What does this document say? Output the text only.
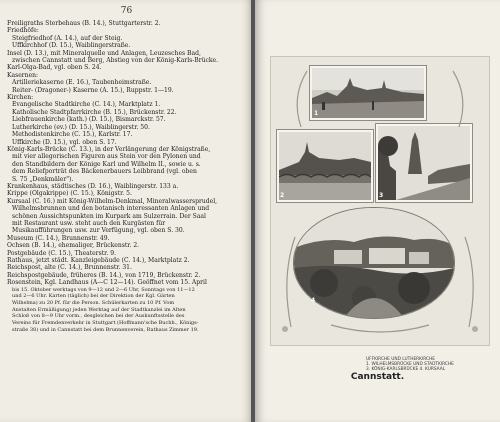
76
Freiligraths Sterbehaus (B. 14.), Stuttgarterstr. 2.
Friedhöfe:
Steigfriedhof (A. 14.), auf der Steig.
Uffkirchhof (D. 15.), Waiblingerstraße.
Insel (D. 13.), mit Mineralquelle und Anlagen, Leuzesches Bad,
zwischen Cannstatt und Berg, Abstieg von der König-Karls-Brücke.
Karl-Olga-Bad, vgl. oben S. 24.
Kasernen:
Artilleriekaserne (E. 16.), Taubenheimstraße.
Reiter- (Dragoner-) Kaserne (A. 15.), Ruppstr. 1—19.
Kirchen:
Evangelische Stadtkirche (C. 14.), Marktplatz 1.
Katholische Stadtpfarrkirche (B. 15.), Brückenstr. 22.
Liebfrauenkirche (kath.) (D. 15.), Bismarckstr. 57.
Lutherkirche (ev.) (D. 15.), Waiblingerstr. 50.
Methodistenkirche (C. 15.), Karlstr. 17.
Uffkirche (D. 15.), vgl. oben S. 17.
König-Karls-Brücke (C. 13.), in der Verlängerung der Königstraße,
mit vier allegorischen Figuren aus Stein vor den Pylonen und
den Standbildern der Könige Karl und Wilhelm II., sowie u. s.
dem Reliefporträt des Bäckenerbauers Leibbrand (vgl. oben
S. 75 „Denkmäler").
Krankenhaus, städtisches (D. 16.), Waiblingerstr. 133 a.
Krippe (Olgakrippe) (C. 15.), Königstr. 5.
Kursaal (C. 16.) mit König-Wilhelm-Denkmal, Mineralwassersprudel,
Wilhelmsbrunnen und den botanisch interessanten Anlagen und
schönen Aussichtspunkten im Kurpark am Sulzerrain. Der Saal
mit Restaurant usw. steht auch den Kurgästen für
Musikaufführungen usw. zur Verfügung, vgl. oben S. 30.
Museum (C. 14.), Brunnenstr. 49.
Ochsen (B. 14.), ehemaliger, Brückenstr. 2.
Postgebäude (C. 15.), Theaterstr. 9.
Rathaus, jetzt städt. Kanzleigebäude (C. 14.), Marktplatz 2.
Reichspost, alte (C. 14.), Brunnenstr. 31.
Reichspostgebäude, früheres (B. 14.), von 1719, Brückenstr. 2.
Rosenstein, Kgl. Landhaus (A—C 12—14). Geöffnet vom 15. April
bis 15. Oktober werktags von 9—12 und 2—6 Uhr, Sonntags von 11—12
und 2—6 Uhr. Karten (täglich) bei der Direktion der Kgl. Gärten
Wilhelma) zu 20 Pf. für die Person. Schülerkarten zu 10 Pf. Vom
Anstalten Ermäßigung) jeden Werktag auf der Stadtkanzlei im Alten
Schloß von 8—9 Uhr vorm., desgleichen bei der Auskunftsstelle des
Vereins für Fremdenverkehr in Stuttgart (Hoffmann'sche Buchh., Königs-
straße 38) und in Cannstatt bei dem Brunnenverein, Rathaus Zimmer 19.
1
2	3
4
UFFKIRCHE UND LUTHERKIRCHE
1. WILHELMSBRÜCKE UND STADTKIRCHE
3. KÖNIG-KARLSBRÜCKE 4. KURSAAL
Cannstatt.
